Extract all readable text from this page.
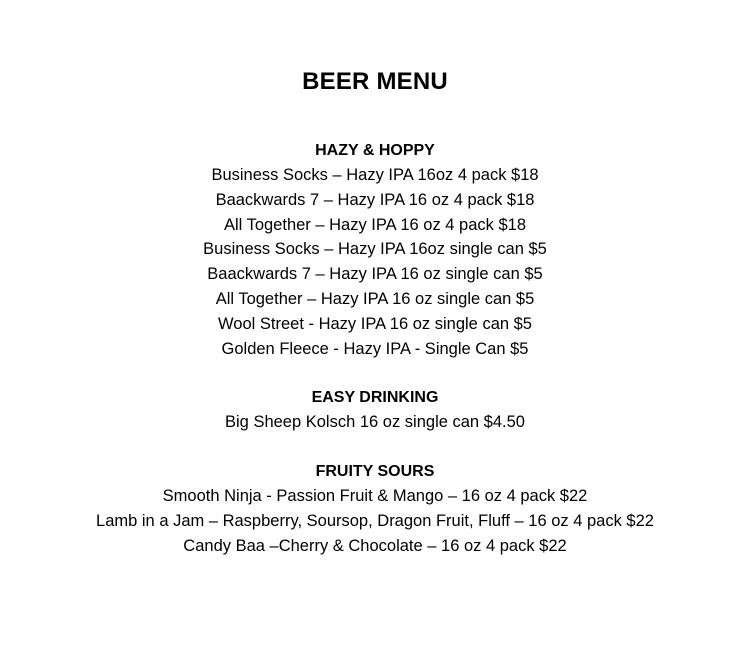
BEER MENU
HAZY & HOPPY
Business Socks – Hazy IPA 16oz 4 pack $18
Baackwards 7 – Hazy IPA 16 oz 4 pack $18
All Together – Hazy IPA 16 oz 4 pack $18
Business Socks – Hazy IPA 16oz single can $5
Baackwards 7 – Hazy IPA 16 oz single can $5
All Together – Hazy IPA 16 oz single can $5
Wool Street - Hazy IPA 16 oz single can $5
Golden Fleece - Hazy IPA - Single Can $5
EASY DRINKING
Big Sheep Kolsch 16 oz single can $4.50
FRUITY SOURS
Smooth Ninja - Passion Fruit & Mango – 16 oz 4 pack $22
Lamb in a Jam – Raspberry, Soursop, Dragon Fruit, Fluff – 16 oz 4 pack $22
Candy Baa –Cherry & Chocolate – 16 oz 4 pack $22
